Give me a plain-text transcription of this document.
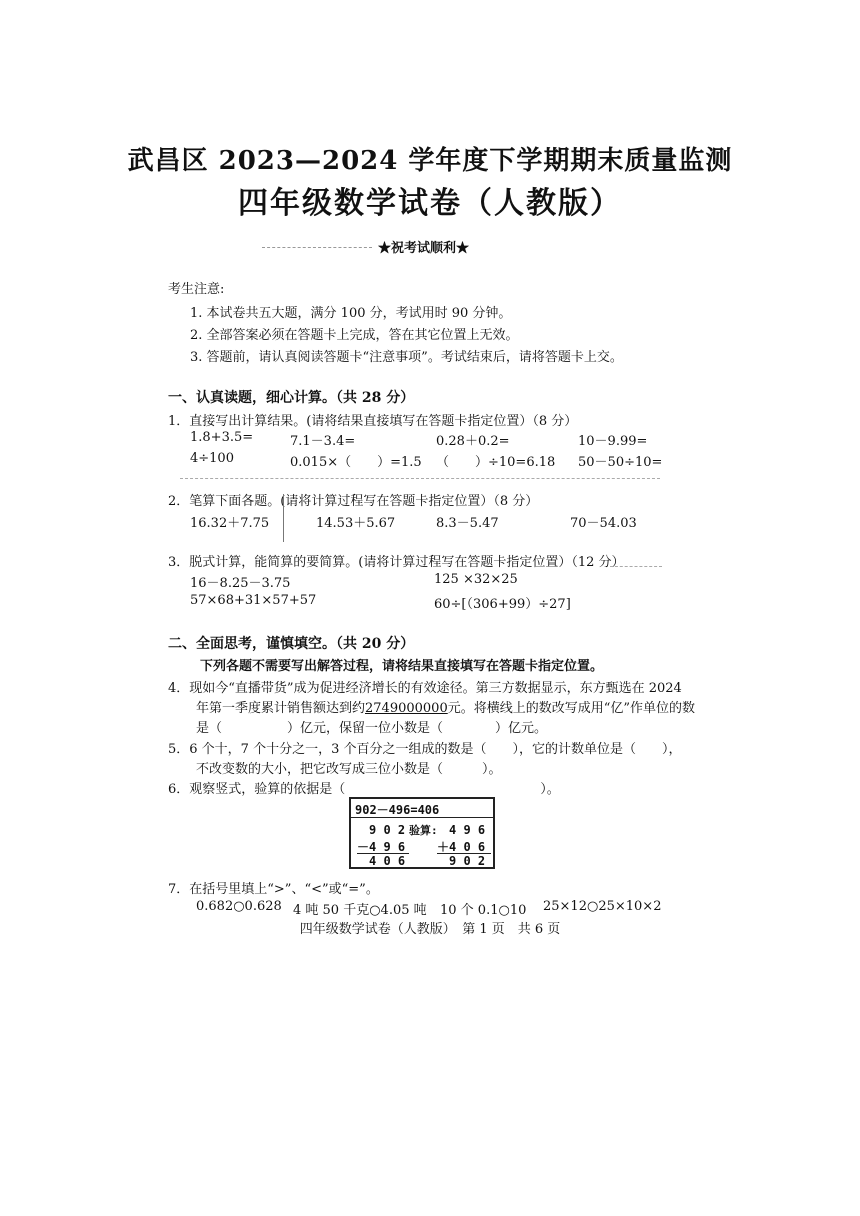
武昌区 2023—2024 学年度下学期期末质量监测
四年级数学试卷（人教版）
★祝考试顺利★
考生注意:
1. 本试卷共五大题，满分 100 分，考试用时 90 分钟。
2. 全部答案必须在答题卡上完成，答在其它位置上无效。
3. 答题前，请认真阅读答题卡“注意事项”。考试结束后，请将答题卡上交。
一、认真读题，细心计算。（共 28 分）
1．直接写出计算结果。(请将结果直接填写在答题卡指定位置）（8 分）
1.8+3.5=	7.1－3.4=	0.28＋0.2=	10－9.99=
4÷100	0.015×（　　）=1.5 （　　）÷10=6.18 50－50÷10=
2．笔算下面各题。(请将计算过程写在答题卡指定位置）（8 分）
16.32＋7.75	14.53＋5.67	8.3－5.47	70－54.03
3．脱式计算，能简算的要简算。(请将计算过程写在答题卡指定位置）（12 分）
16－8.25－3.75	125 ×32×25
57×68+31×57+57	60÷[（306+99）÷27]
二、全面思考，谨慎填空。（共 20 分）
下列各题不需要写出解答过程，请将结果直接填写在答题卡指定位置。
4．现如今“直播带货”成为促进经济增长的有效途径。第三方数据显示，东方甄选在 2024
年第一季度累计销售额达到约2749000000元。将横线上的数改写成用“亿”作单位的数
是（　　　　　）亿元，保留一位小数是（　　　　）亿元。
5．6 个十，7 个十分之一，3 个百分之一组成的数是（　　），它的计数单位是（　　），
不改变数的大小，把它改写成三位小数是（　　　）。
6．观察竖式，验算的依据是（　　　　　　　　　　　　　　　）。
902－496=406
9 0 2 验算: 4 9 6
－4 9 6	＋4 0 6
4 0 6	9 0 2
7．在括号里填上“>”、“<”或“=”。
0.682○0.628 4 吨 50 千克○4.05 吨 10 个 0.1○10 25×12○25×10×2
四年级数学试卷（人教版）　第 1 页　共 6 页
